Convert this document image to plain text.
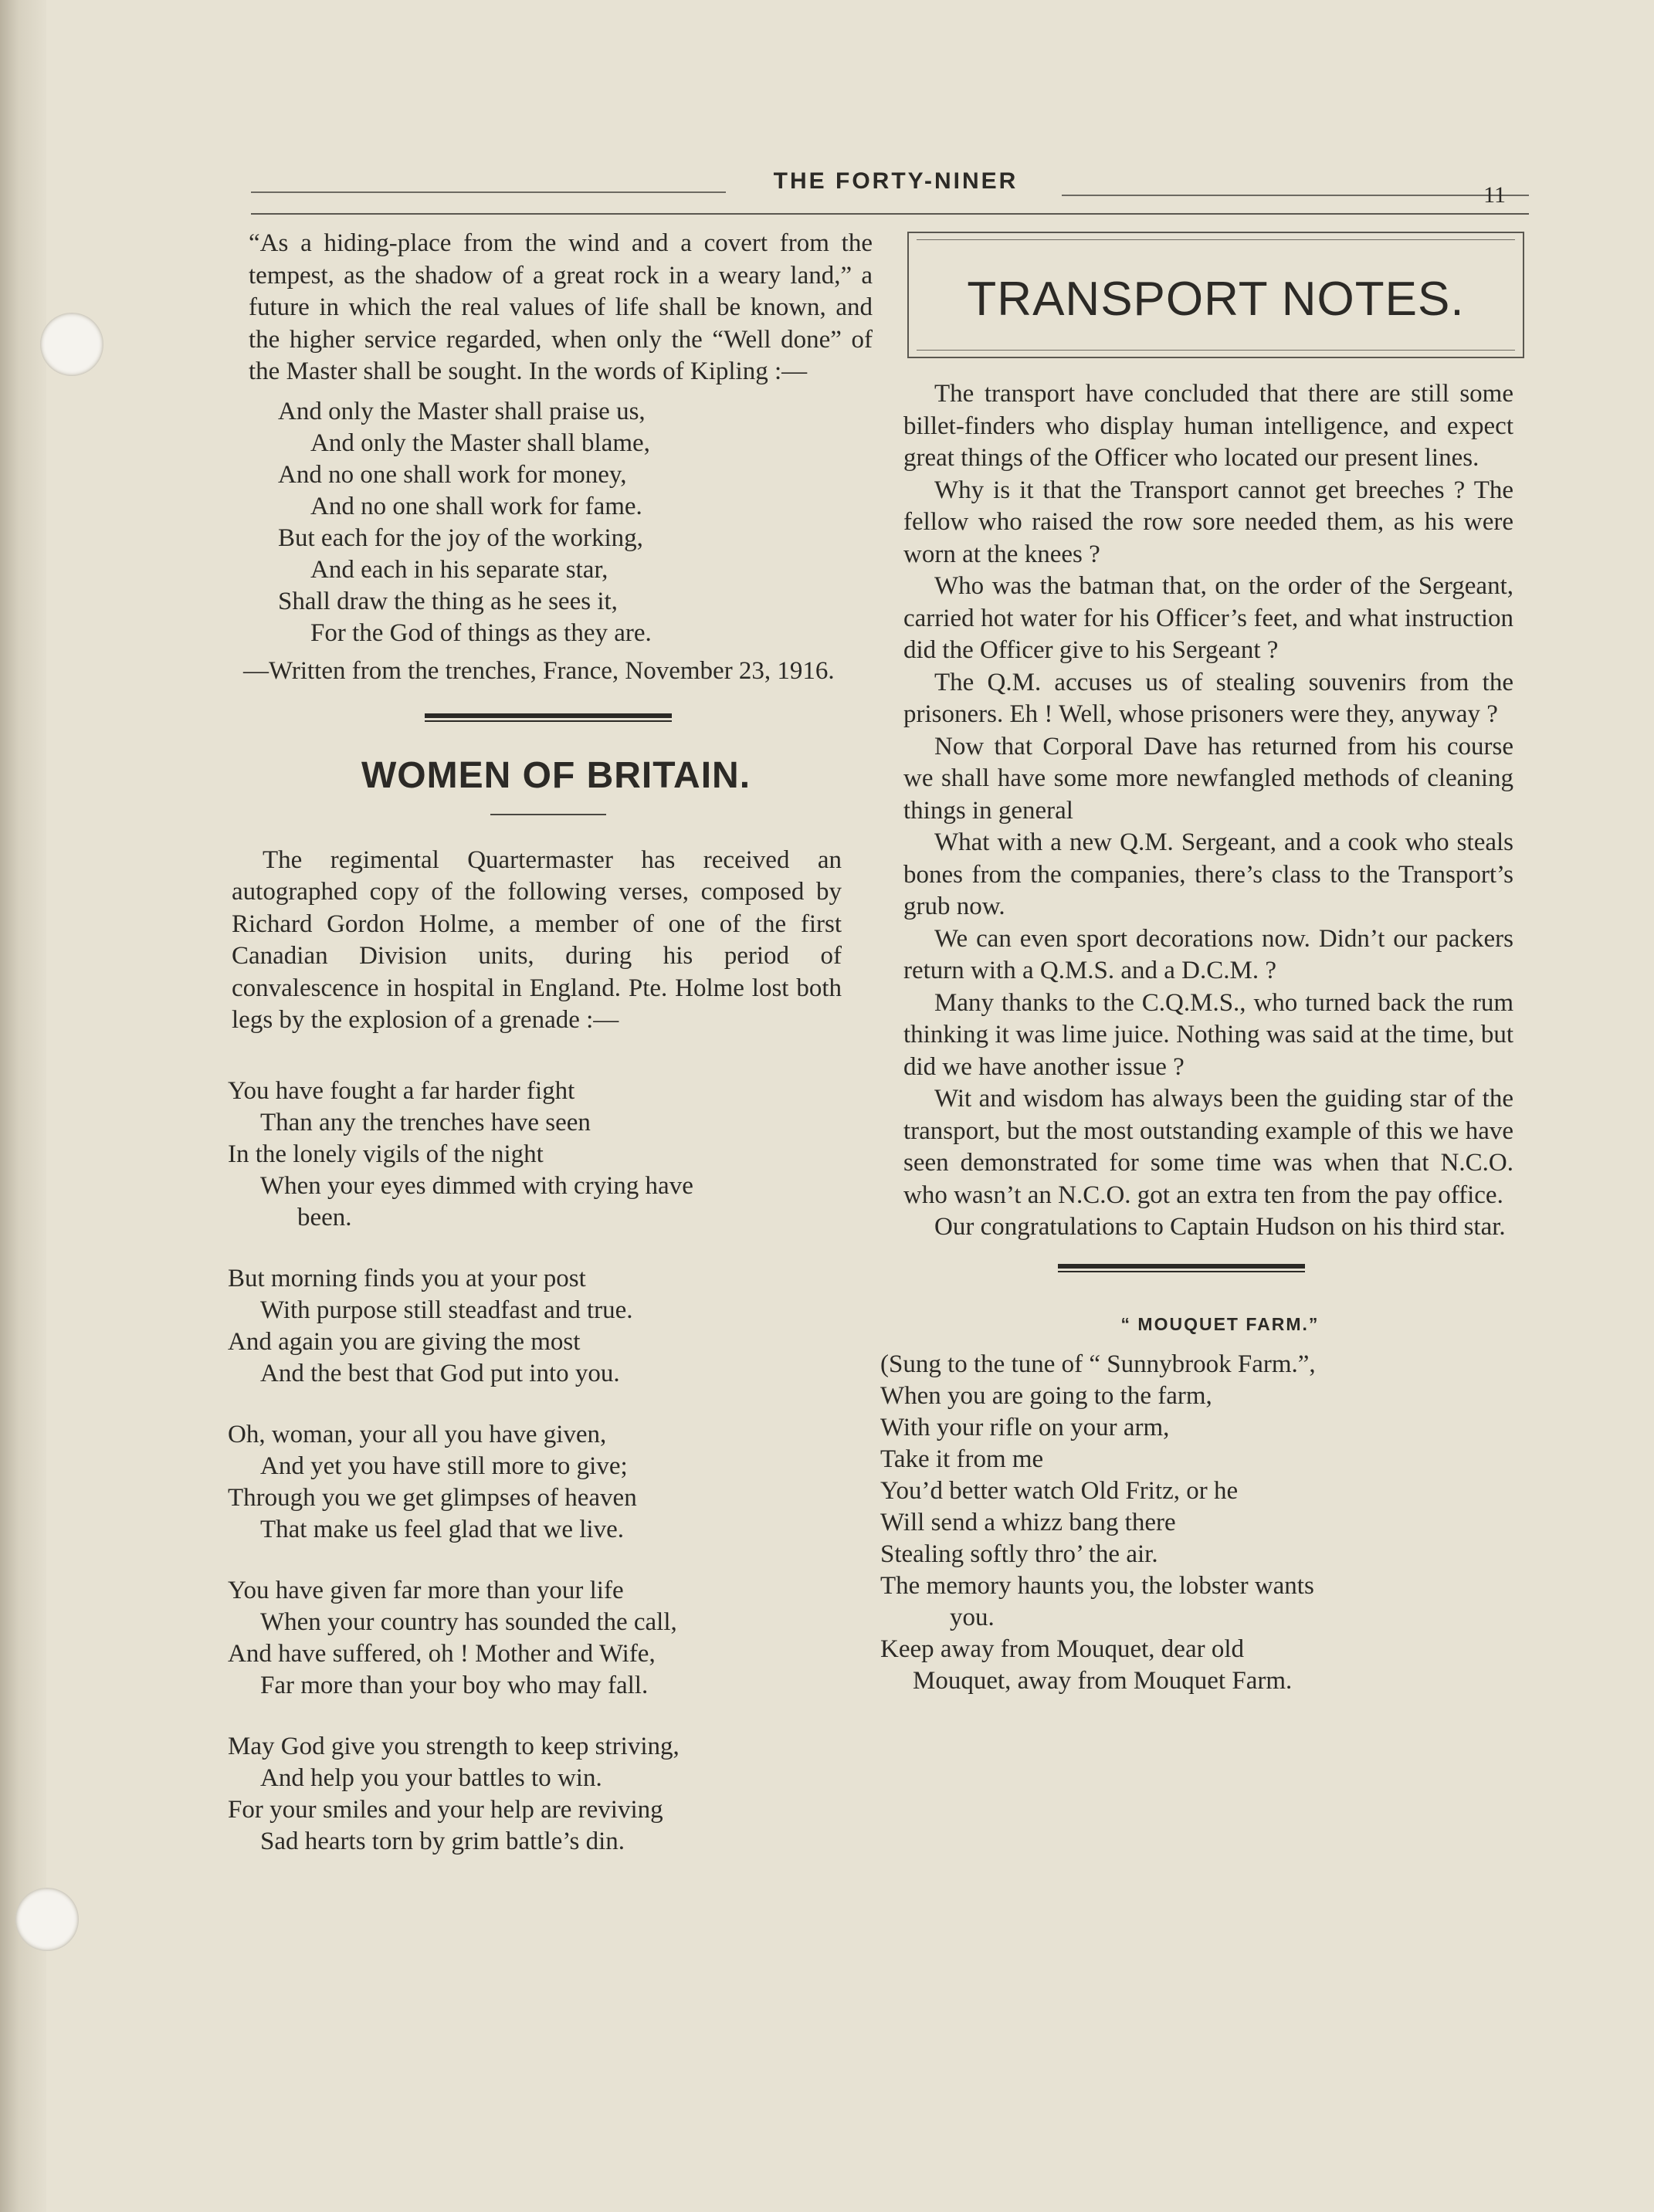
THE FORTY-NINER
11

“As a hiding-place from the wind and a covert from the tempest, as the shadow of a great rock in a weary land,” a future in which the real values of life shall be known, and the higher service regarded, when only the “Well done” of the Master shall be sought. In the words of Kipling :—

And only the Master shall praise us,
And only the Master shall blame,
And no one shall work for money,
And no one shall work for fame.
But each for the joy of the working,
And each in his separate star,
Shall draw the thing as he sees it,
For the God of things as they are.

—Written from the trenches, France, November 23, 1916.

WOMEN OF BRITAIN.

The regimental Quartermaster has received an autographed copy of the following verses, composed by Richard Gordon Holme, a member of one of the first Canadian Division units, during his period of convalescence in hospital in England. Pte. Holme lost both legs by the explosion of a grenade :—

You have fought a far harder fight
Than any the trenches have seen
In the lonely vigils of the night
When your eyes dimmed with crying have
been.
But morning finds you at your post
With purpose still steadfast and true.
And again you are giving the most
And the best that God put into you.
Oh, woman, your all you have given,
And yet you have still more to give;
Through you we get glimpses of heaven
That make us feel glad that we live.
You have given far more than your life
When your country has sounded the call,
And have suffered, oh ! Mother and Wife,
Far more than your boy who may fall.
May God give you strength to keep striving,
And help you your battles to win.
For your smiles and your help are reviving
Sad hearts torn by grim battle’s din.
TRANSPORT NOTES.

The transport have concluded that there are still some billet-finders who display human intelligence, and expect great things of the Officer who located our present lines.

Why is it that the Transport cannot get breeches ? The fellow who raised the row sore needed them, as his were worn at the knees ?

Who was the batman that, on the order of the Sergeant, carried hot water for his Officer’s feet, and what instruction did the Officer give to his Sergeant ?

The Q.M. accuses us of stealing souvenirs from the prisoners. Eh ! Well, whose prisoners were they, anyway ?

Now that Corporal Dave has returned from his course we shall have some more newfangled methods of cleaning things in general

What with a new Q.M. Sergeant, and a cook who steals bones from the companies, there’s class to the Transport’s grub now.

We can even sport decorations now. Didn’t our packers return with a Q.M.S. and a D.C.M. ?

Many thanks to the C.Q.M.S., who turned back the rum thinking it was lime juice. Nothing was said at the time, but did we have another issue ?

Wit and wisdom has always been the guiding star of the transport, but the most outstanding example of this we have seen demonstrated for some time was when that N.C.O. who wasn’t an N.C.O. got an extra ten from the pay office.

Our congratulations to Captain Hudson on his third star.

“ MOUQUET FARM.”
(Sung to the tune of “ Sunnybrook Farm.”,
When you are going to the farm,
With your rifle on your arm,
Take it from me
You’d better watch Old Fritz, or he
Will send a whizz bang there
Stealing softly thro’ the air.
The memory haunts you, the lobster wants
you.
Keep away from Mouquet, dear old
Mouquet, away from Mouquet Farm.
